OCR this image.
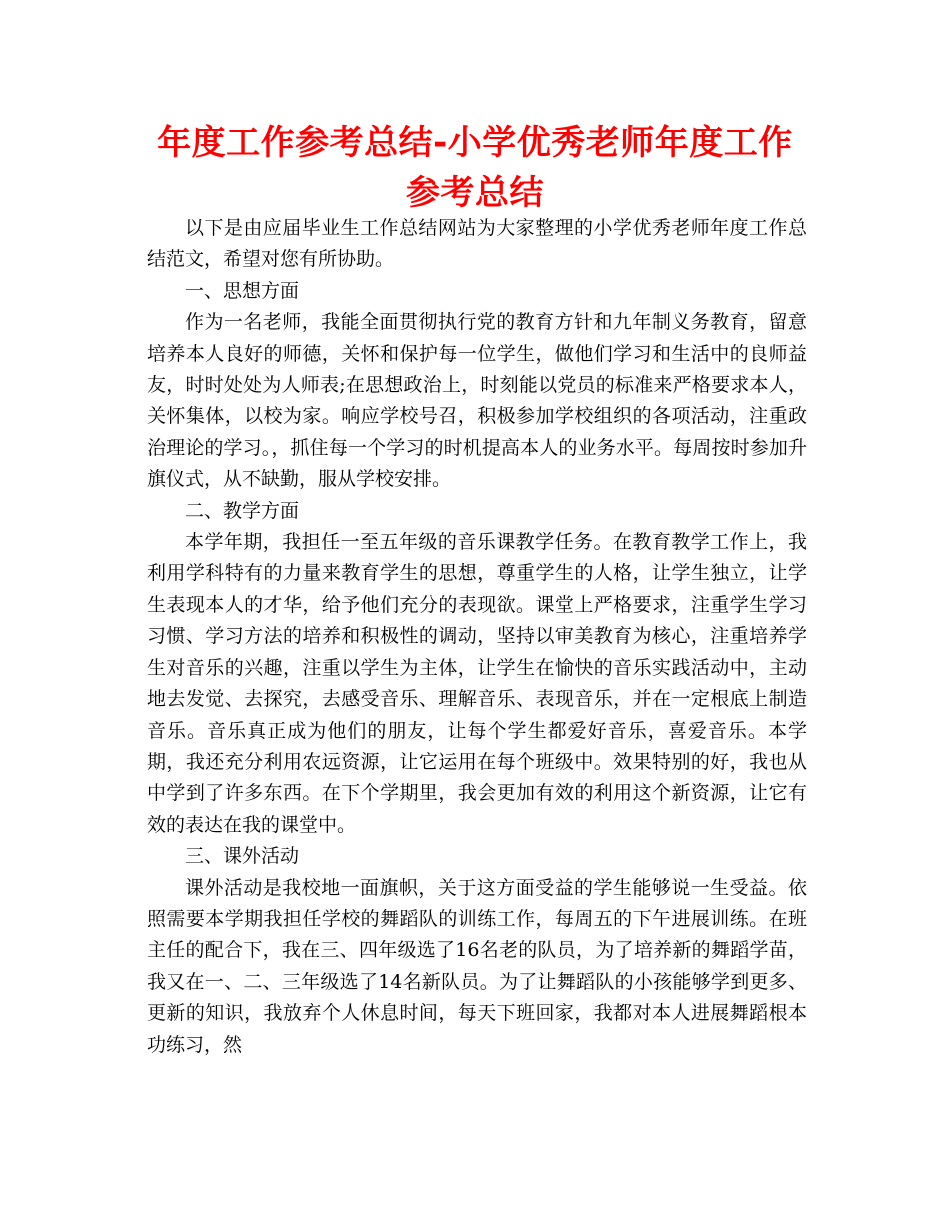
年度工作参考总结-小学优秀老师年度工作参考总结

以下是由应届毕业生工作总结网站为大家整理的小学优秀老师年度工作总结范文，希望对您有所协助。

一、思想方面

作为一名老师，我能全面贯彻执行党的教育方针和九年制义务教育，留意培养本人良好的师德，关怀和保护每一位学生，做他们学习和生活中的良师益友，时时处处为人师表;在思想政治上，时刻能以党员的标准来严格要求本人，关怀集体，以校为家。响应学校号召，积极参加学校组织的各项活动，注重政治理论的学习。，抓住每一个学习的时机提高本人的业务水平。每周按时参加升旗仪式，从不缺勤，服从学校安排。

二、教学方面

本学年期，我担任一至五年级的音乐课教学任务。在教育教学工作上，我利用学科特有的力量来教育学生的思想，尊重学生的人格，让学生独立，让学生表现本人的才华，给予他们充分的表现欲。课堂上严格要求，注重学生学习习惯、学习方法的培养和积极性的调动，坚持以审美教育为核心，注重培养学生对音乐的兴趣，注重以学生为主体，让学生在愉快的音乐实践活动中，主动地去发觉、去探究，去感受音乐、理解音乐、表现音乐，并在一定根底上制造音乐。音乐真正成为他们的朋友，让每个学生都爱好音乐，喜爱音乐。本学期，我还充分利用农远资源，让它运用在每个班级中。效果特别的好，我也从中学到了许多东西。在下个学期里，我会更加有效的利用这个新资源，让它有效的表达在我的课堂中。

三、课外活动

课外活动是我校地一面旗帜，关于这方面受益的学生能够说一生受益。依照需要本学期我担任学校的舞蹈队的训练工作，每周五的下午进展训练。在班主任的配合下，我在三、四年级选了16名老的队员，为了培养新的舞蹈学苗，我又在一、二、三年级选了14名新队员。为了让舞蹈队的小孩能够学到更多、更新的知识，我放弃个人休息时间，每天下班回家，我都对本人进展舞蹈根本功练习，然
